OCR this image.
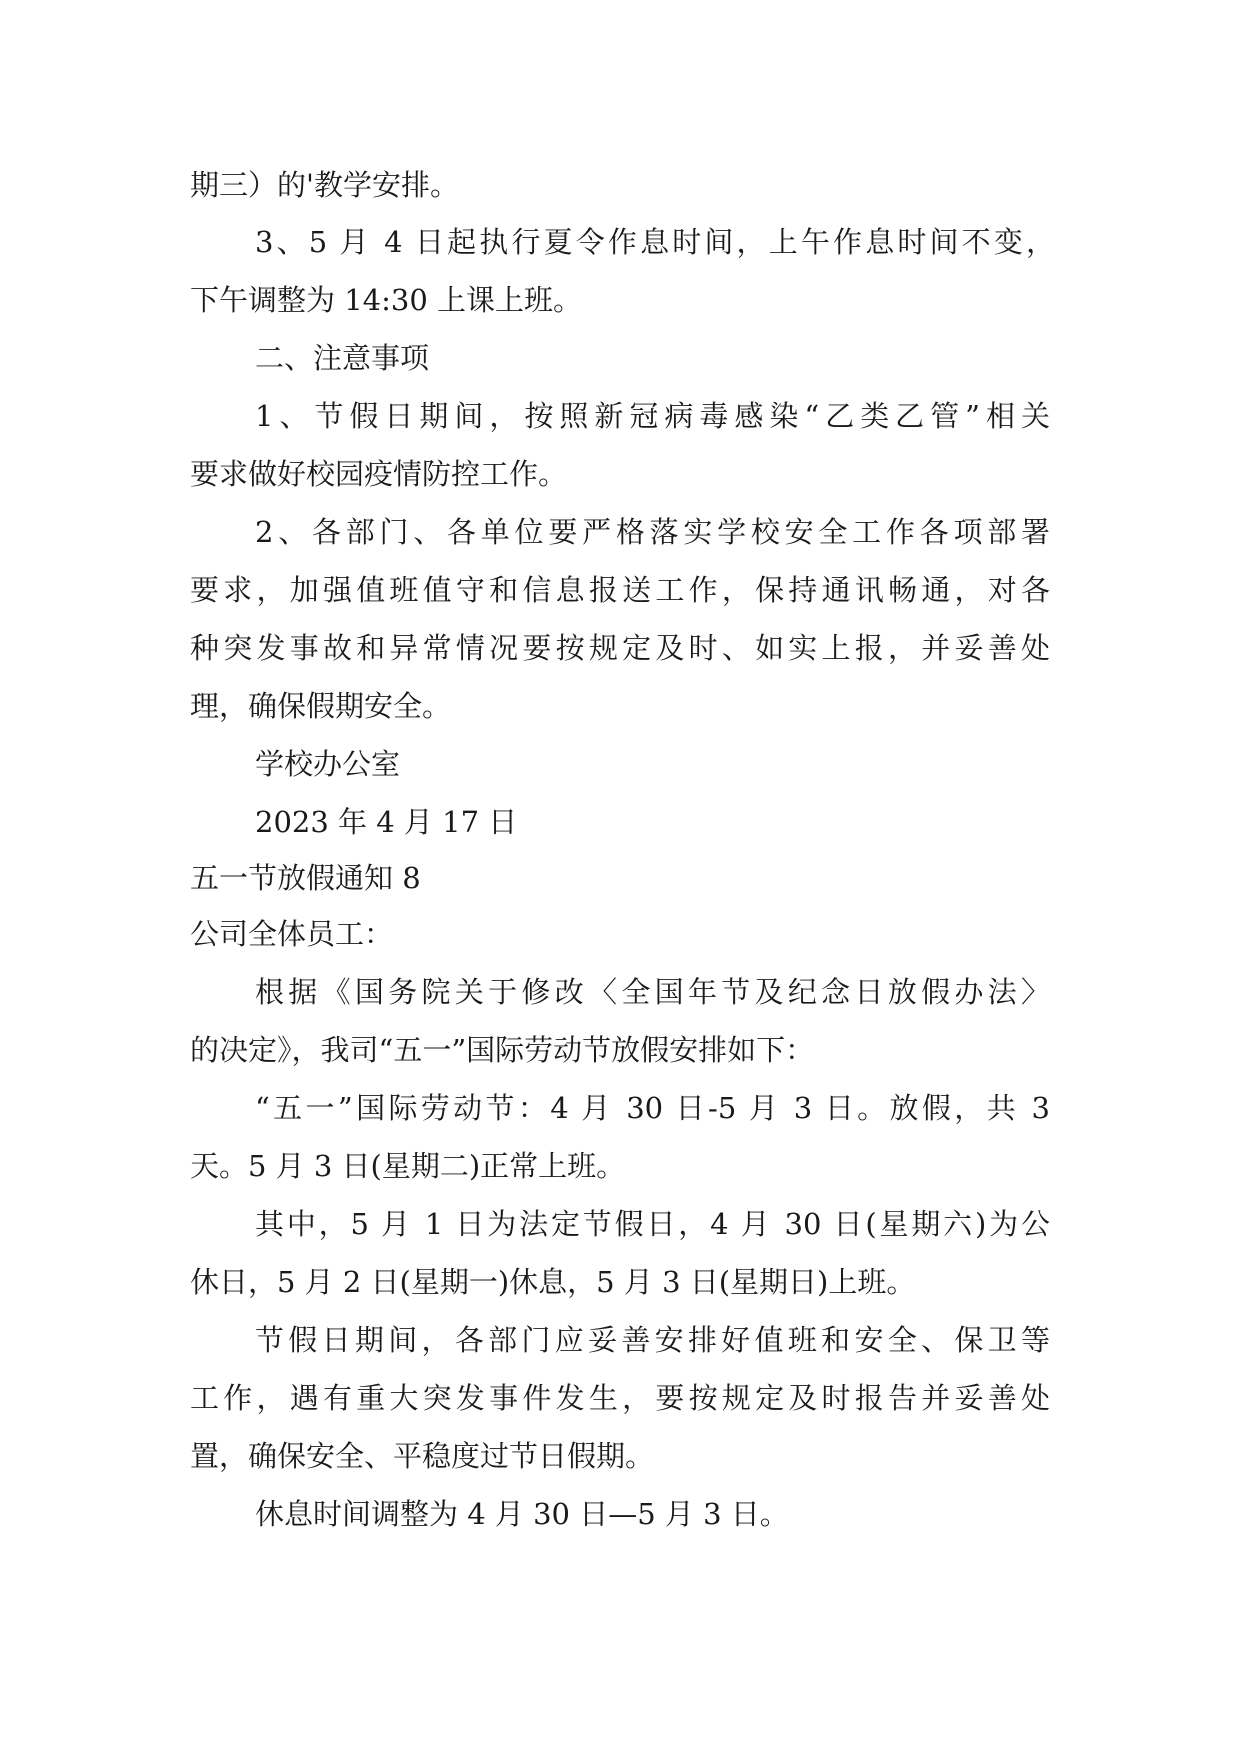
期三）的'教学安排。
3、5 月 4 日起执行夏令作息时间，上午作息时间不变，
下午调整为 14:30 上课上班。
二、注意事项
1、节假日期间，按照新冠病毒感染“乙类乙管”相关
要求做好校园疫情防控工作。
2、各部门、各单位要严格落实学校安全工作各项部署
要求，加强值班值守和信息报送工作，保持通讯畅通，对各
种突发事故和异常情况要按规定及时、如实上报，并妥善处
理，确保假期安全。
学校办公室
2023 年 4 月 17 日
五一节放假通知 8
公司全体员工：
根据《国务院关于修改〈全国年节及纪念日放假办法〉
的决定》，我司“五一”国际劳动节放假安排如下：
“五一”国际劳动节：4 月 30 日-5 月 3 日。放假，共 3
天。5 月 3 日(星期二)正常上班。
其中，5 月 1 日为法定节假日，4 月 30 日(星期六)为公
休日，5 月 2 日(星期一)休息，5 月 3 日(星期日)上班。
节假日期间，各部门应妥善安排好值班和安全、保卫等
工作，遇有重大突发事件发生，要按规定及时报告并妥善处
置，确保安全、平稳度过节日假期。
休息时间调整为 4 月 30 日—5 月 3 日。
